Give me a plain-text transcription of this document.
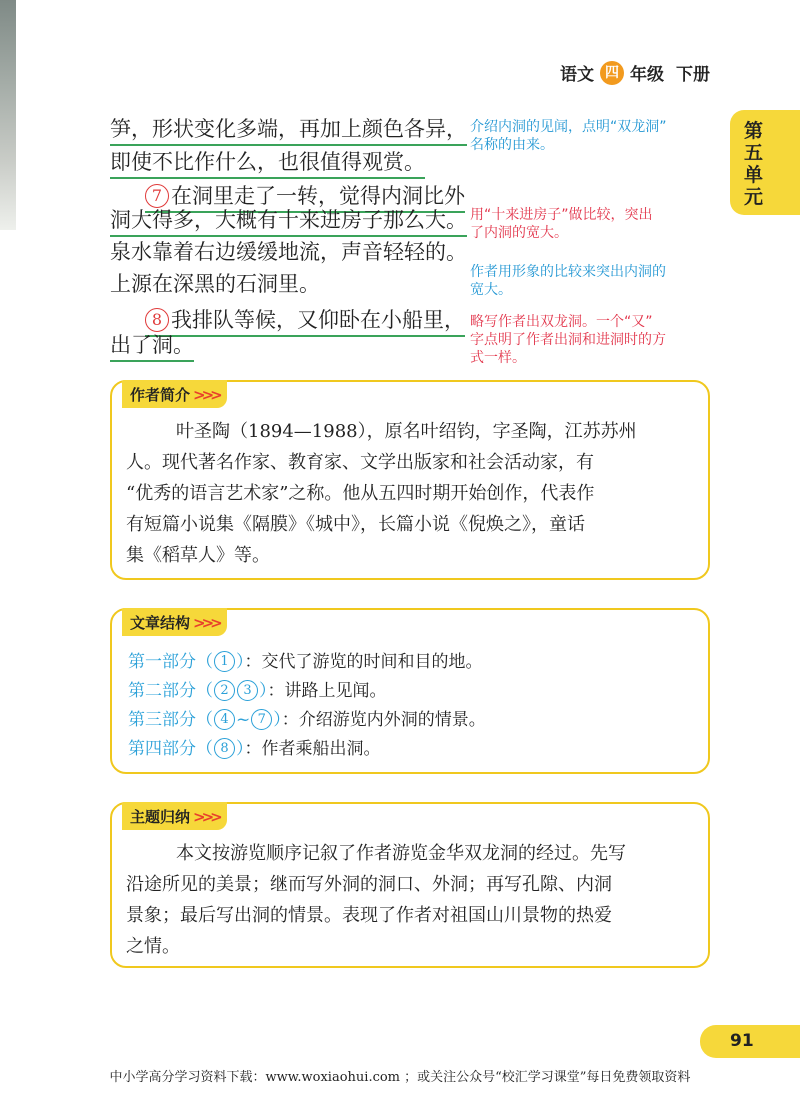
语文 四 年级 下册
第五单元
笋，形状变化多端，再加上颜色各异，
即使不比作什么，也很值得观赏。
7 在洞里走了一转，觉得内洞比外
洞大得多，大概有十来进房子那么大。
泉水靠着右边缓缓地流，声音轻轻的。
上源在深黑的石洞里。
8 我排队等候，又仰卧在小船里，
出了洞。
介绍内洞的见闻，点明“双龙洞”
名称的由来。
用“十来进房子”做比较，突出
了内洞的宽大。
作者用形象的比较来突出内洞的
宽大。
略写作者出双龙洞。一个“又”
字点明了作者出洞和进洞时的方
式一样。
作者简介 >>>
叶圣陶（1894—1988），原名叶绍钧，字圣陶，江苏苏州
人。现代著名作家、教育家、文学出版家和社会活动家，有
“优秀的语言艺术家”之称。他从五四时期开始创作，代表作
有短篇小说集《隔膜》《城中》，长篇小说《倪焕之》，童话
集《稻草人》等。
文章结构 >>>
第一部分（ 1 ）：交代了游览的时间和目的地。
第二部分（ 2 3 ）：讲路上见闻。
第三部分（ 4 ~ 7 ）：介绍游览内外洞的情景。
第四部分（ 8 ）：作者乘船出洞。
主题归纳 >>>
本文按游览顺序记叙了作者游览金华双龙洞的经过。先写
沿途所见的美景；继而写外洞的洞口、外洞；再写孔隙、内洞
景象；最后写出洞的情景。表现了作者对祖国山川景物的热爱
之情。
91
中小学高分学习资料下载：www.woxiaohui.com ；或关注公众号“校汇学习课堂”每日免费领取资料
